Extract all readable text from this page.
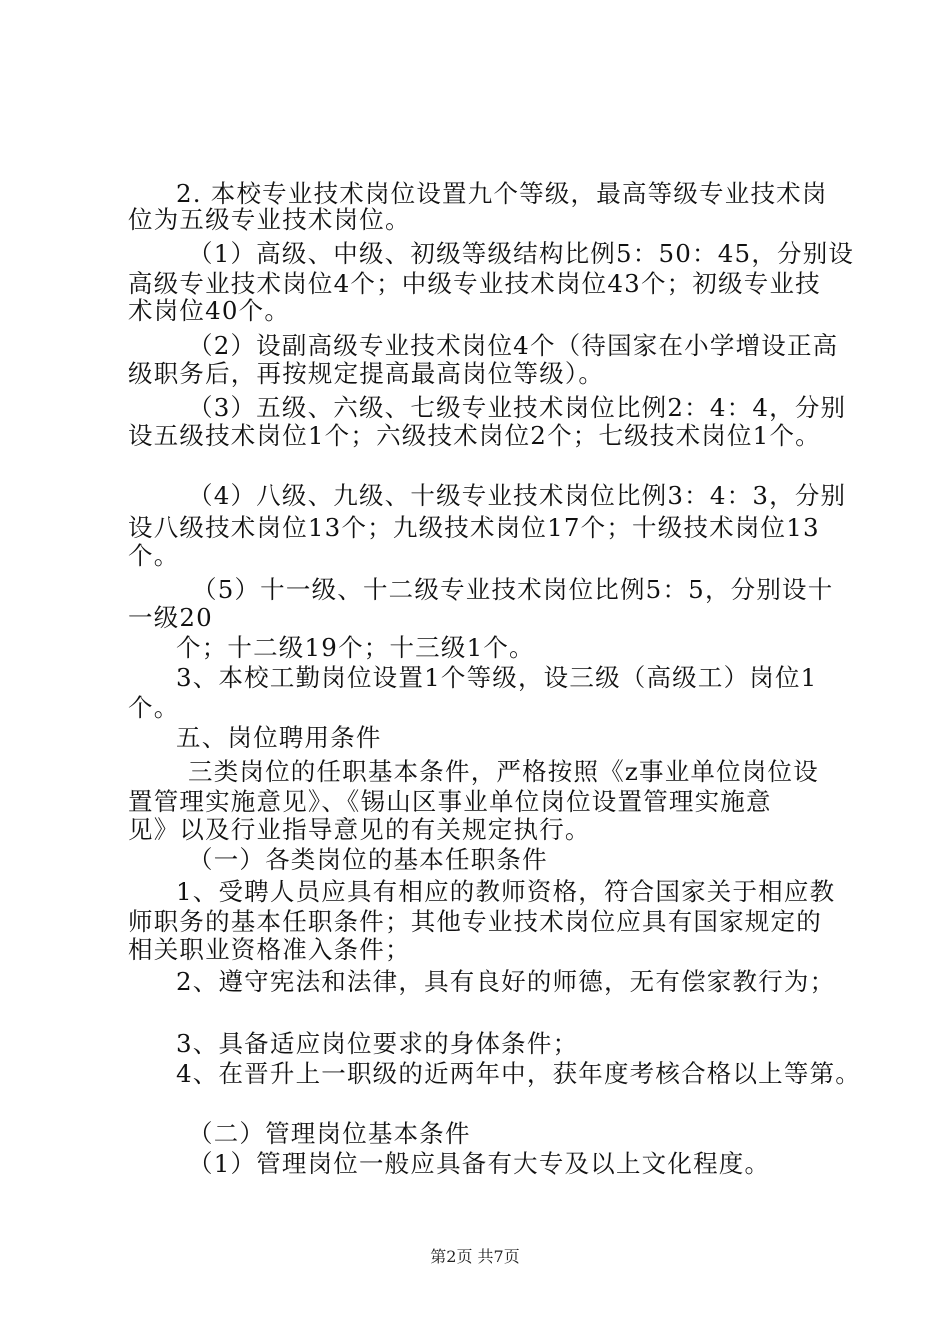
2. 本校专业技术岗位设置九个等级，最高等级专业技术岗
位为五级专业技术岗位。
（1）高级、中级、初级等级结构比例5：50：45，分别设
高级专业技术岗位4个；中级专业技术岗位43个；初级专业技
术岗位40个。
（2）设副高级专业技术岗位4个（待国家在小学增设正高
级职务后，再按规定提高最高岗位等级）。
（3）五级、六级、七级专业技术岗位比例2：4：4，分别
设五级技术岗位1个；六级技术岗位2个；七级技术岗位1个。
（4）八级、九级、十级专业技术岗位比例3：4：3，分别
设八级技术岗位13个；九级技术岗位17个；十级技术岗位13
个。
（5）十一级、十二级专业技术岗位比例5：5，分别设十
一级20
个；十二级19个；十三级1个。
3、本校工勤岗位设置1个等级，设三级（高级工）岗位1
个。
五、岗位聘用条件
三类岗位的任职基本条件，严格按照《z事业单位岗位设
置管理实施意见》、《锡山区事业单位岗位设置管理实施意
见》以及行业指导意见的有关规定执行。
（一）各类岗位的基本任职条件
1、受聘人员应具有相应的教师资格，符合国家关于相应教
师职务的基本任职条件；其他专业技术岗位应具有国家规定的
相关职业资格准入条件；
2、遵守宪法和法律，具有良好的师德，无有偿家教行为；
3、具备适应岗位要求的身体条件；
4、在晋升上一职级的近两年中，获年度考核合格以上等第。
（二）管理岗位基本条件
（1）管理岗位一般应具备有大专及以上文化程度。
第2页 共7页
